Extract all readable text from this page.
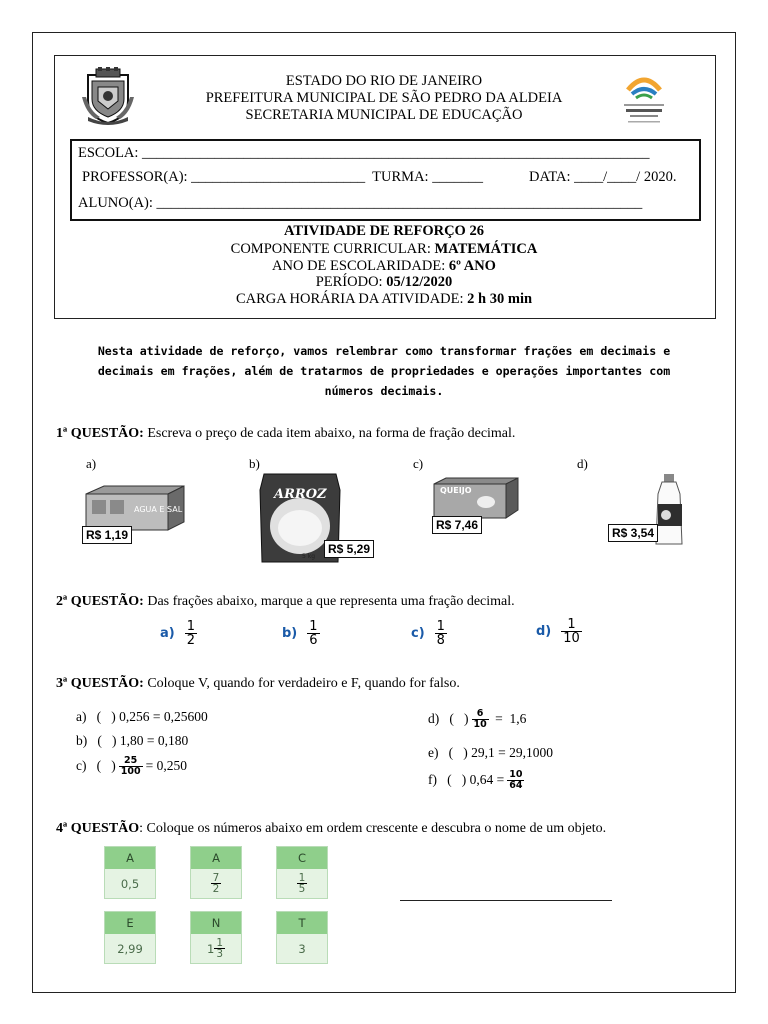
ESTADO DO RIO DE JANEIRO
PREFEITURA MUNICIPAL DE SÃO PEDRO DA ALDEIA
SECRETARIA MUNICIPAL DE EDUCAÇÃO
ESCOLA: ______________________________________________________________________
PROFESSOR(A): ________________________  TURMA: _______	DATA: ____/____/ 2020.
ALUNO(A): ___________________________________________________________________
ATIVIDADE DE REFORÇO 26
COMPONENTE CURRICULAR: MATEMÁTICA
ANO DE ESCOLARIDADE: 6º ANO
PERÍODO: 05/12/2020
CARGA HORÁRIA DA ATIVIDADE: 2 h 30 min
Nesta atividade de reforço, vamos relembrar como transformar frações em decimais e
decimais em frações, além de tratarmos de propriedades e operações importantes com
números decimais.
1ª QUESTÃO: Escreva o preço de cada item abaixo, na forma de fração decimal.
a)	b)	c)	d)
AGUA E SAL
R$ 1,19
ARROZ
5 kg
R$ 5,29
QUEIJO
R$ 7,46
R$ 3,54
2ª QUESTÃO: Das frações abaixo, marque a que representa uma fração decimal.
$a) \frac{1}{2}$	$b) \frac{1}{6}$	$c) \frac{1}{8}$	$d) \frac{1}{10}$
3ª QUESTÃO: Coloque V, quando for verdadeiro e F, quando for falso.
a)   (   ) 0,256 = 0,25600
b)   (   ) 1,80 = 0,180
c)   (   ) $\frac{25}{100} = 0,250$
d)   (   ) $\frac{6}{10} = 1,6$
e)   (   ) 29,1 = 29,1000
f)   (   ) $0,64 = \frac{10}{64}$
4ª QUESTÃO: Coloque os números abaixo em ordem crescente e descubra o nome de um objeto.
A
0,5
A
$\frac{7}{2}$
C
$\frac{1}{5}$
E
2,99
N
$1 \frac{1}{3}$
T
3
